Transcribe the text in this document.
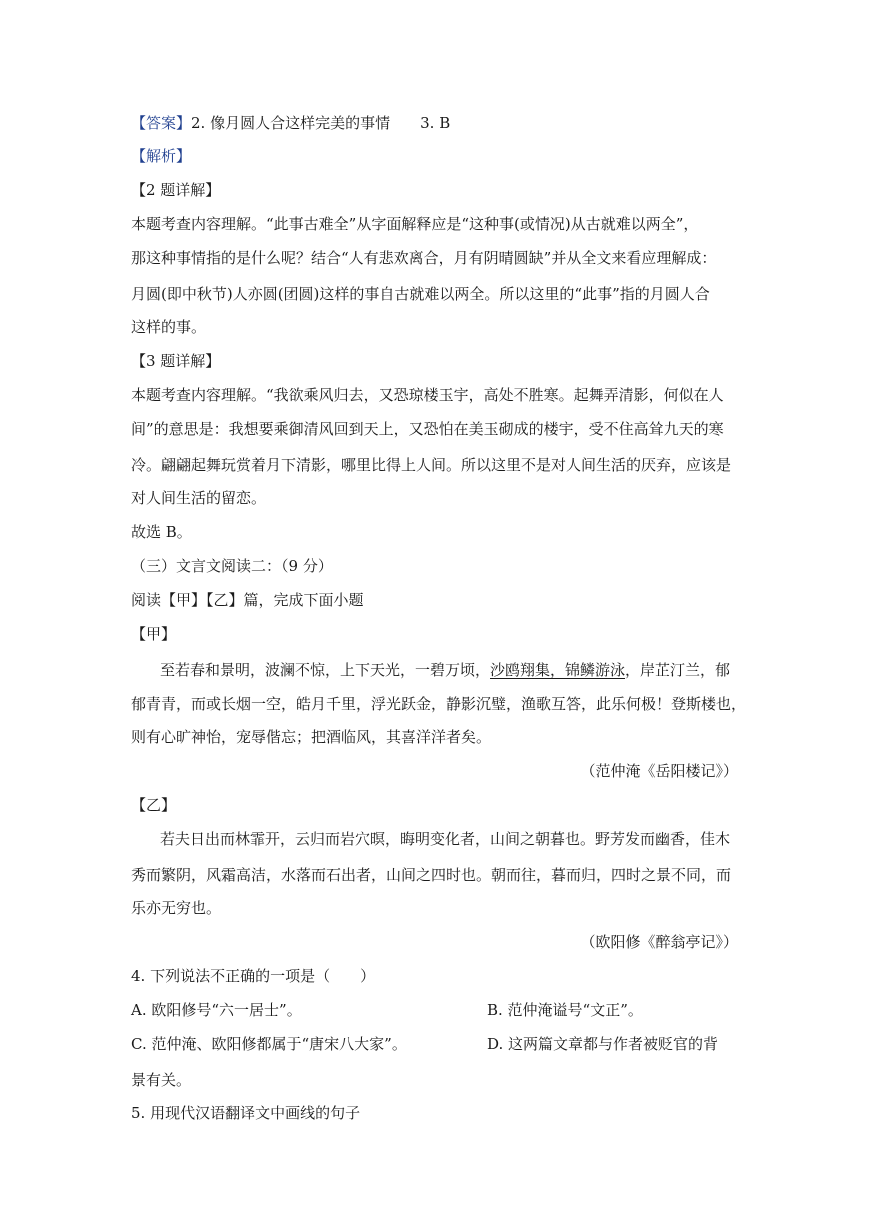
【答案】2. 像月圆人合这样完美的事情 3. B
【解析】
【2 题详解】
本题考查内容理解。“此事古难全”从字面解释应是“这种事(或情况)从古就难以两全”，
那这种事情指的是什么呢？结合“人有悲欢离合，月有阴晴圆缺”并从全文来看应理解成：
月圆(即中秋节)人亦圆(团圆)这样的事自古就难以两全。所以这里的“此事”指的月圆人合
这样的事。
【3 题详解】
本题考查内容理解。“我欲乘风归去，又恐琼楼玉宇，高处不胜寒。起舞弄清影，何似在人
间”的意思是：我想要乘御清风回到天上，又恐怕在美玉砌成的楼宇，受不住高耸九天的寒
冷。翩翩起舞玩赏着月下清影，哪里比得上人间。所以这里不是对人间生活的厌弃，应该是
对人间生活的留恋。
故选 B。
（三）文言文阅读二：（9 分）
阅读【甲】【乙】篇，完成下面小题
【甲】
至若春和景明，波澜不惊，上下天光，一碧万顷，沙鸥翔集，锦鳞游泳，岸芷汀兰，郁
郁青青，而或长烟一空，皓月千里，浮光跃金，静影沉璧，渔歌互答，此乐何极！登斯楼也，
则有心旷神怡，宠辱偕忘；把酒临风，其喜洋洋者矣。
（范仲淹《岳阳楼记》）
【乙】
若夫日出而林霏开，云归而岩穴暝，晦明变化者，山间之朝暮也。野芳发而幽香，佳木
秀而繁阴，风霜高洁，水落而石出者，山间之四时也。朝而往，暮而归，四时之景不同，而
乐亦无穷也。
（欧阳修《醉翁亭记》）
4. 下列说法不正确的一项是（　　）
A. 欧阳修号“六一居士”。	B. 范仲淹谥号“文正”。
C. 范仲淹、欧阳修都属于“唐宋八大家”。	D. 这两篇文章都与作者被贬官的背
景有关。
5. 用现代汉语翻译文中画线的句子
